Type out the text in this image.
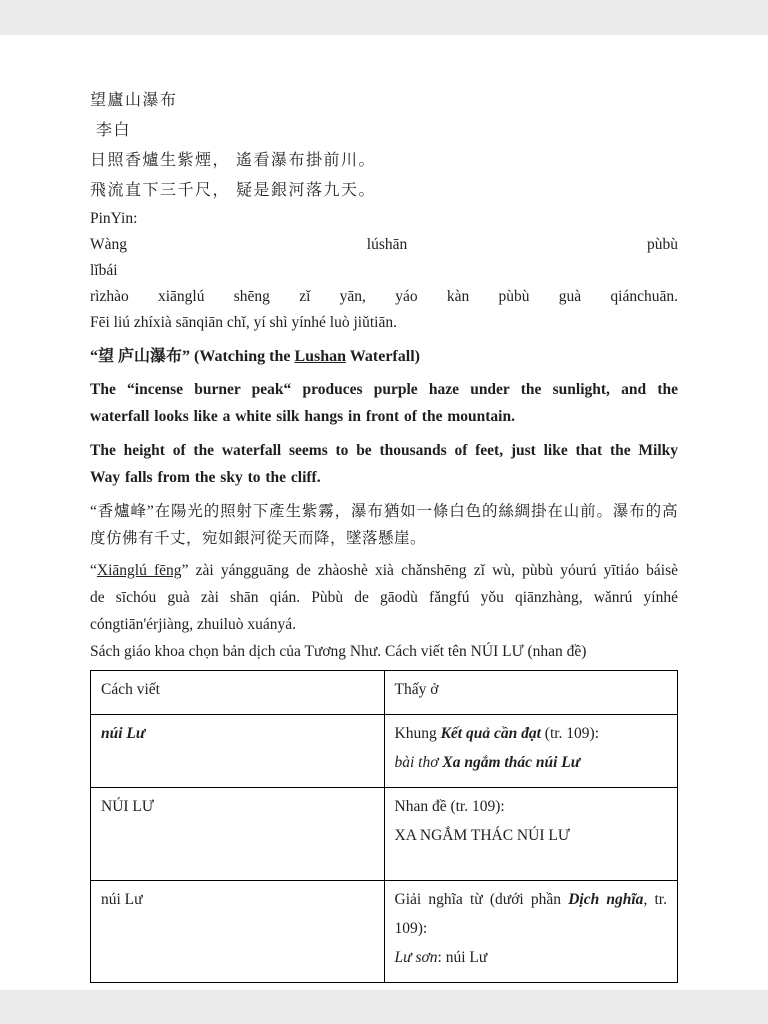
望廬山瀑布
李白
日照香爐生紫煙， 遙看瀑布掛前川。
飛流直下三千尺， 疑是銀河落九天。
PinYin:
Wàng	lúshān	pùbù
lǐbái
rìzhào xiānglú shēng zǐ yān, yáo kàn pùbù guà qiánchuān.
Fēi liú zhíxià sānqiān chǐ, yí shì yínhé luò jiǔtiān.
“望 庐山瀑布” (Watching the Lushan Waterfall)
The “incense burner peak“ produces purple haze under the sunlight, and the
waterfall looks like a white silk hangs in front of the mountain.
The height of the waterfall seems to be thousands of feet, just like that the Milky
Way falls from the sky to the cliff.
“香爐峰”在陽光的照射下產生紫霧，瀑布猶如一條白色的絲綢掛在山前。瀑布的高
度仿佛有千丈，宛如銀河從天而降，墜落懸崖。
“Xiānglú fēng” zài yángguāng de zhàoshè xià chǎnshēng zǐ wù, pùbù yóurú yītiáo báisè
de sīchóu guà zài shān qián. Pùbù de gāodù fǎngfú yǒu qiānzhàng, wǎnrú yínhé
cóngtiān'érjiàng, zhuiluò xuányá.
Sách giáo khoa chọn bản dịch của Tương Như. Cách viết tên NÚI LƯ (nhan đề)
Cách viết	Thấy ở

núi Lư	Khung Kết quả cần đạt (tr. 109):
bài thơ Xa ngắm thác núi Lư

NÚI LƯ	Nhan đề (tr. 109):
XA NGẮM THÁC NÚI LƯ

núi Lư	Giải nghĩa từ (dưới phần Dịch nghĩa, tr.
109):
Lư sơn: núi Lư
